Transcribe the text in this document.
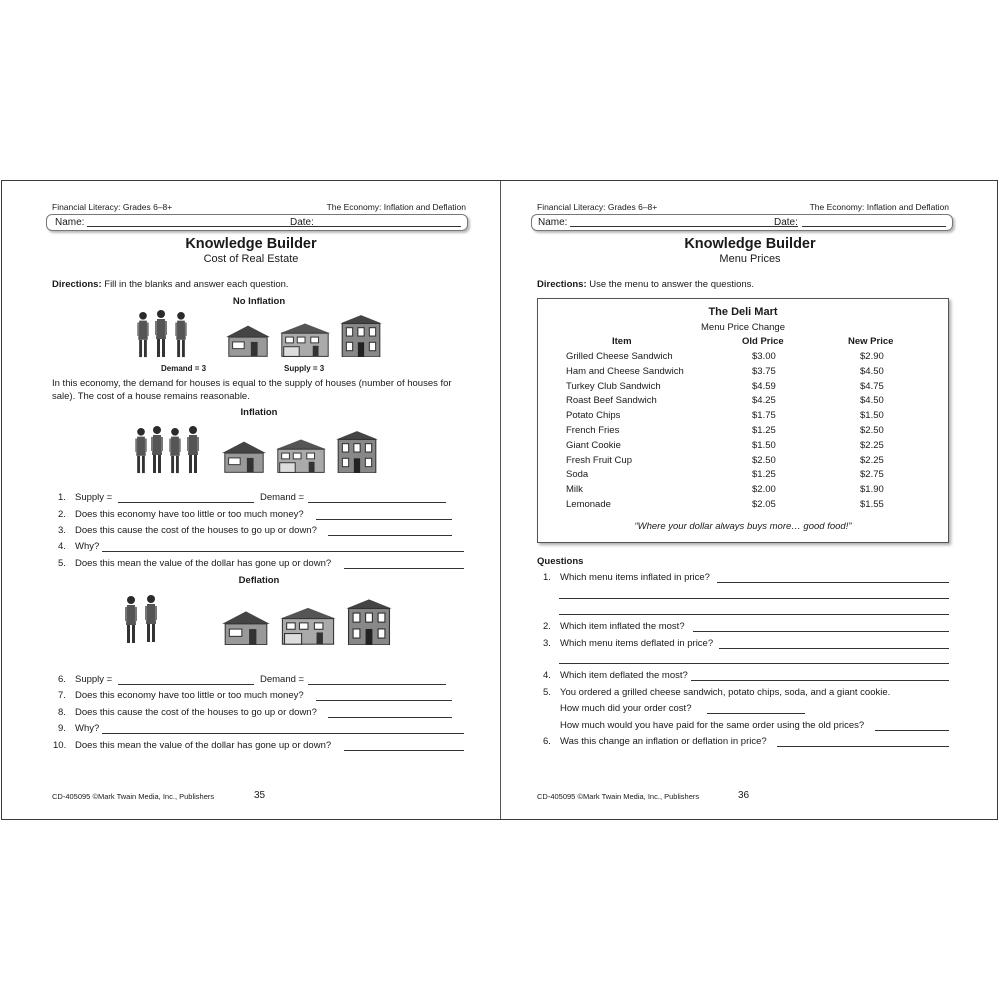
Financial Literacy: Grades 6–8+	The Economy: Inflation and Deflation
Name:	Date:
Knowledge Builder
Cost of Real Estate
Directions: Fill in the blanks and answer each question.
No Inflation
Demand = 3	Supply = 3
In this economy, the demand for houses is equal to the supply of houses (number of houses for sale). The cost of a house remains reasonable.
Inflation
1. Supply =	Demand =
2. Does this economy have too little or too much money?
3. Does this cause the cost of the houses to go up or down?
4. Why?
5. Does this mean the value of the dollar has gone up or down?
Deflation
6. Supply =	Demand =
7. Does this economy have too little or too much money?
8. Does this cause the cost of the houses to go up or down?
9. Why?
10. Does this mean the value of the dollar has gone up or down?
CD-405095 ©Mark Twain Media, Inc., Publishers	35
Financial Literacy: Grades 6–8+	The Economy: Inflation and Deflation
Name:	Date:
Knowledge Builder
Menu Prices
Directions: Use the menu to answer the questions.
The Deli Mart
Menu Price Change
Item	Old Price	New Price
Grilled Cheese Sandwich	$3.00	$2.90
Ham and Cheese Sandwich	$3.75	$4.50
Turkey Club Sandwich	$4.59	$4.75
Roast Beef Sandwich	$4.25	$4.50
Potato Chips	$1.75	$1.50
French Fries	$1.25	$2.50
Giant Cookie	$1.50	$2.25
Fresh Fruit Cup	$2.50	$2.25
Soda	$1.25	$2.75
Milk	$2.00	$1.90
Lemonade	$2.05	$1.55
“Where your dollar always buys more… good food!”
Questions
1. Which menu items inflated in price?
2. Which item inflated the most?
3. Which menu items deflated in price?
4. Which item deflated the most?
5. You ordered a grilled cheese sandwich, potato chips, soda, and a giant cookie.
How much did your order cost?
How much would you have paid for the same order using the old prices?
6. Was this change an inflation or deflation in price?
CD-405095 ©Mark Twain Media, Inc., Publishers	36
